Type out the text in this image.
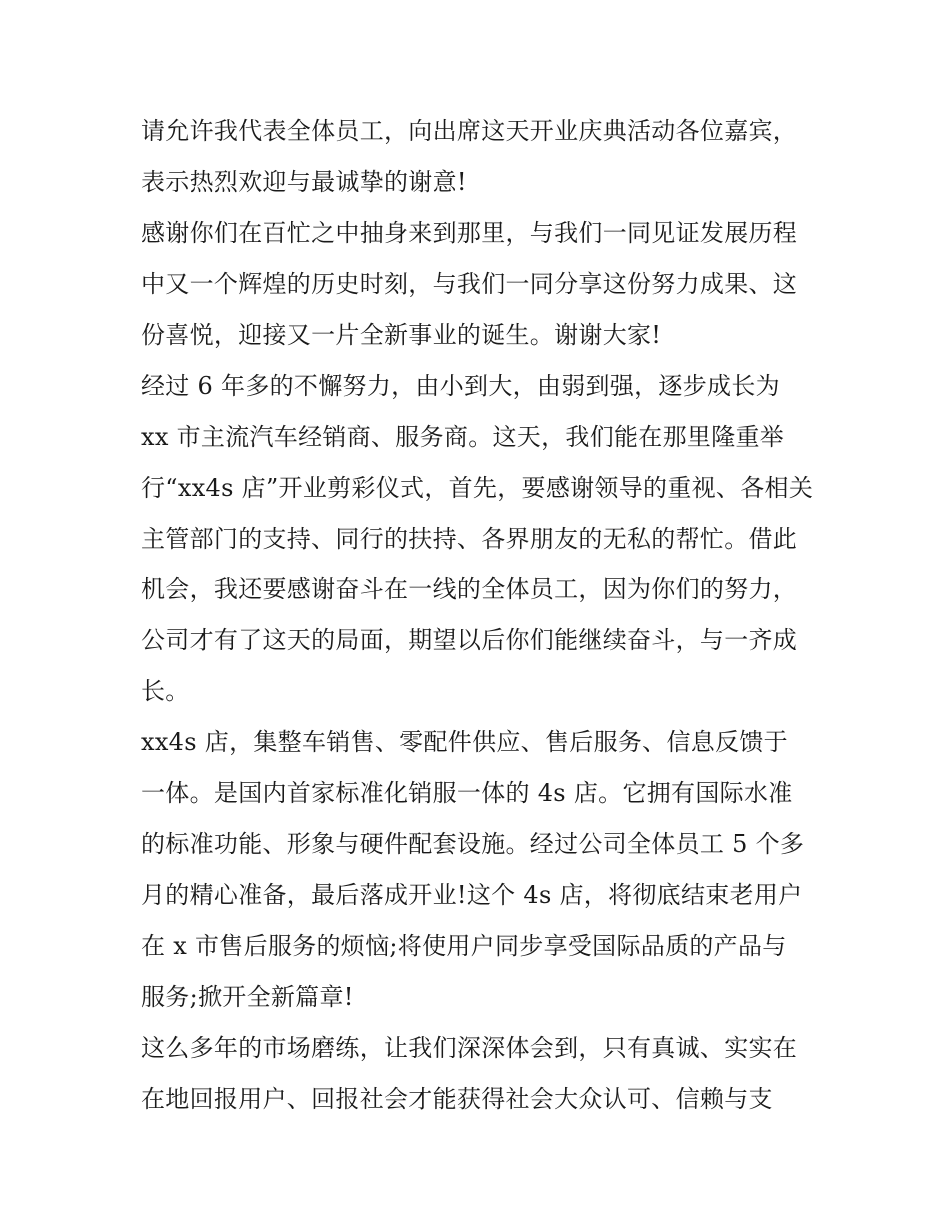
请允许我代表全体员工，向出席这天开业庆典活动各位嘉宾，
表示热烈欢迎与最诚挚的谢意!
感谢你们在百忙之中抽身来到那里，与我们一同见证发展历程
中又一个辉煌的历史时刻，与我们一同分享这份努力成果、这
份喜悦，迎接又一片全新事业的诞生。谢谢大家!
经过 6 年多的不懈努力，由小到大，由弱到强，逐步成长为
xx 市主流汽车经销商、服务商。这天，我们能在那里隆重举
行“xx4s 店”开业剪彩仪式，首先，要感谢领导的重视、各相关
主管部门的支持、同行的扶持、各界朋友的无私的帮忙。借此
机会，我还要感谢奋斗在一线的全体员工，因为你们的努力，
公司才有了这天的局面，期望以后你们能继续奋斗，与一齐成
长。
xx4s 店，集整车销售、零配件供应、售后服务、信息反馈于
一体。是国内首家标准化销服一体的 4s 店。它拥有国际水准
的标准功能、形象与硬件配套设施。经过公司全体员工 5 个多
月的精心准备，最后落成开业!这个 4s 店，将彻底结束老用户
在 x 市售后服务的烦恼;将使用户同步享受国际品质的产品与
服务;掀开全新篇章!
这么多年的市场磨练，让我们深深体会到，只有真诚、实实在
在地回报用户、回报社会才能获得社会大众认可、信赖与支
